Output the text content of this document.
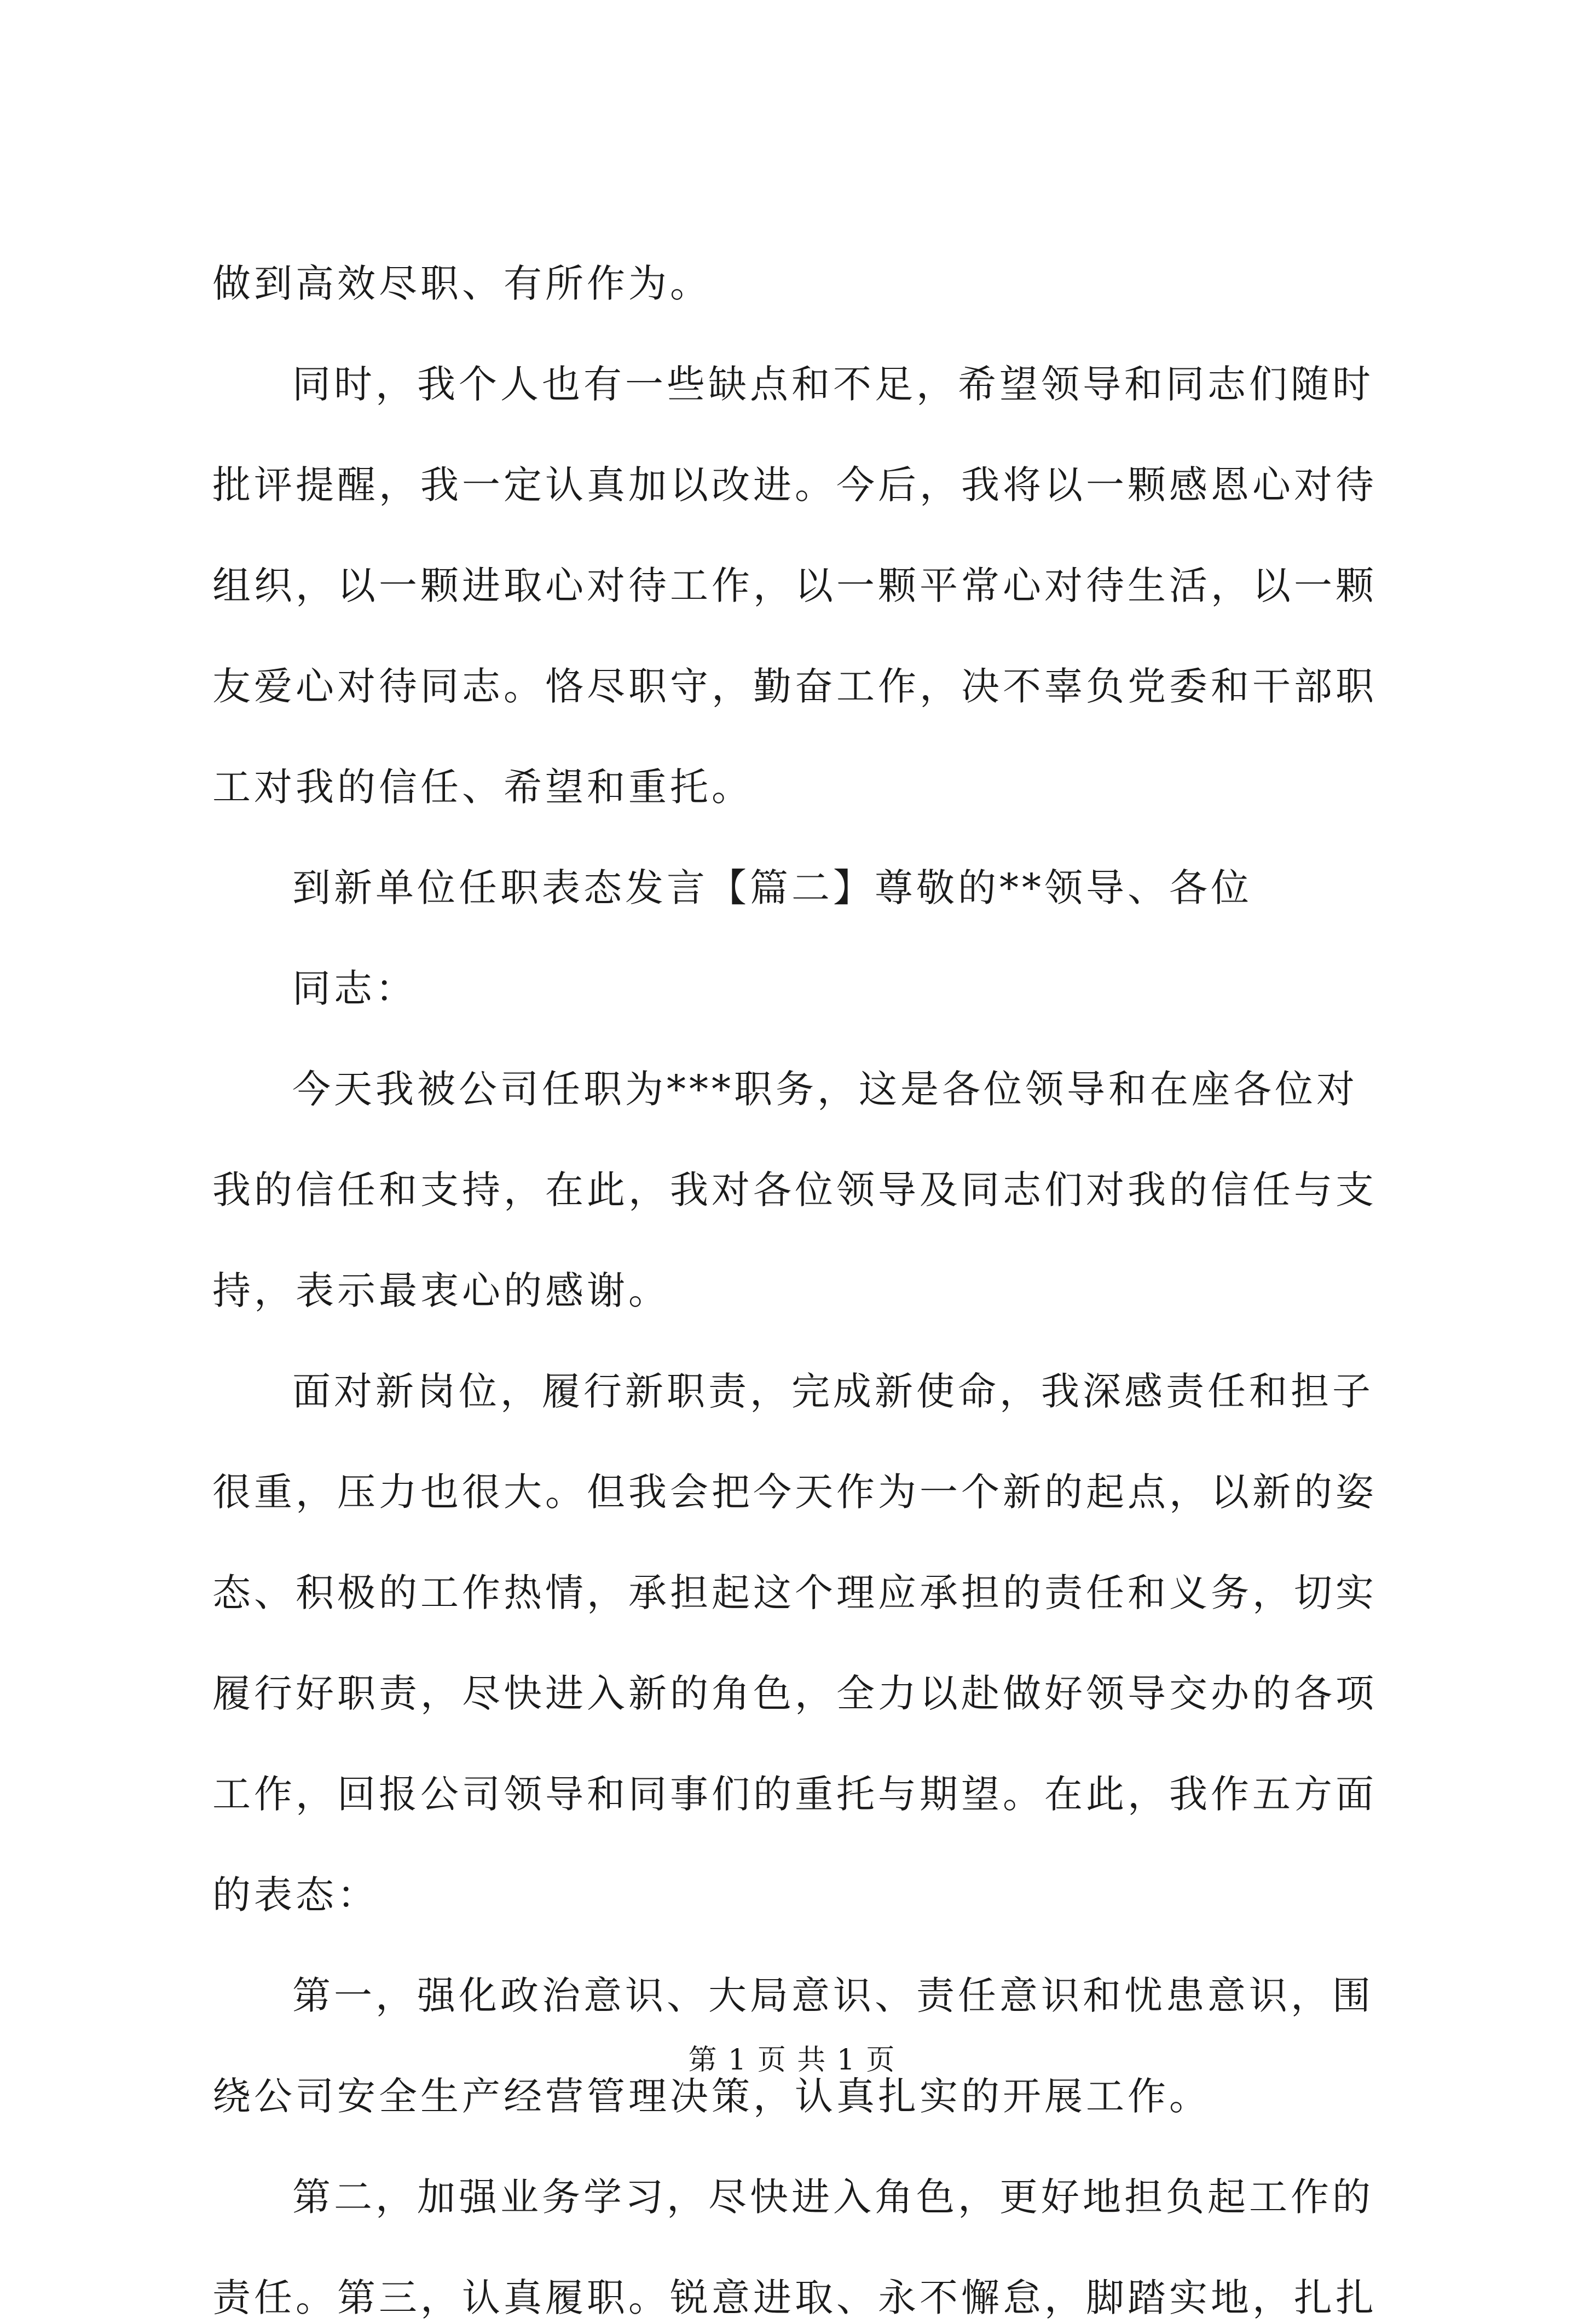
做到高效尽职、有所作为。
同时，我个人也有一些缺点和不足，希望领导和同志们随时
批评提醒，我一定认真加以改进。今后，我将以一颗感恩心对待
组织，以一颗进取心对待工作，以一颗平常心对待生活，以一颗
友爱心对待同志。恪尽职守，勤奋工作，决不辜负党委和干部职
工对我的信任、希望和重托。
到新单位任职表态发言【篇二】尊敬的**领导、各位
同志：
今天我被公司任职为***职务，这是各位领导和在座各位对
我的信任和支持，在此，我对各位领导及同志们对我的信任与支
持，表示最衷心的感谢。
面对新岗位，履行新职责，完成新使命，我深感责任和担子
很重，压力也很大。但我会把今天作为一个新的起点，以新的姿
态、积极的工作热情，承担起这个理应承担的责任和义务，切实
履行好职责，尽快进入新的角色，全力以赴做好领导交办的各项
工作，回报公司领导和同事们的重托与期望。在此，我作五方面
的表态：
第一，强化政治意识、大局意识、责任意识和忧患意识，围
绕公司安全生产经营管理决策，认真扎实的开展工作。
第二，加强业务学习，尽快进入角色，更好地担负起工作的
责任。第三，认真履职。锐意进取、永不懈怠，脚踏实地，扎扎
第 1 页 共 1 页
